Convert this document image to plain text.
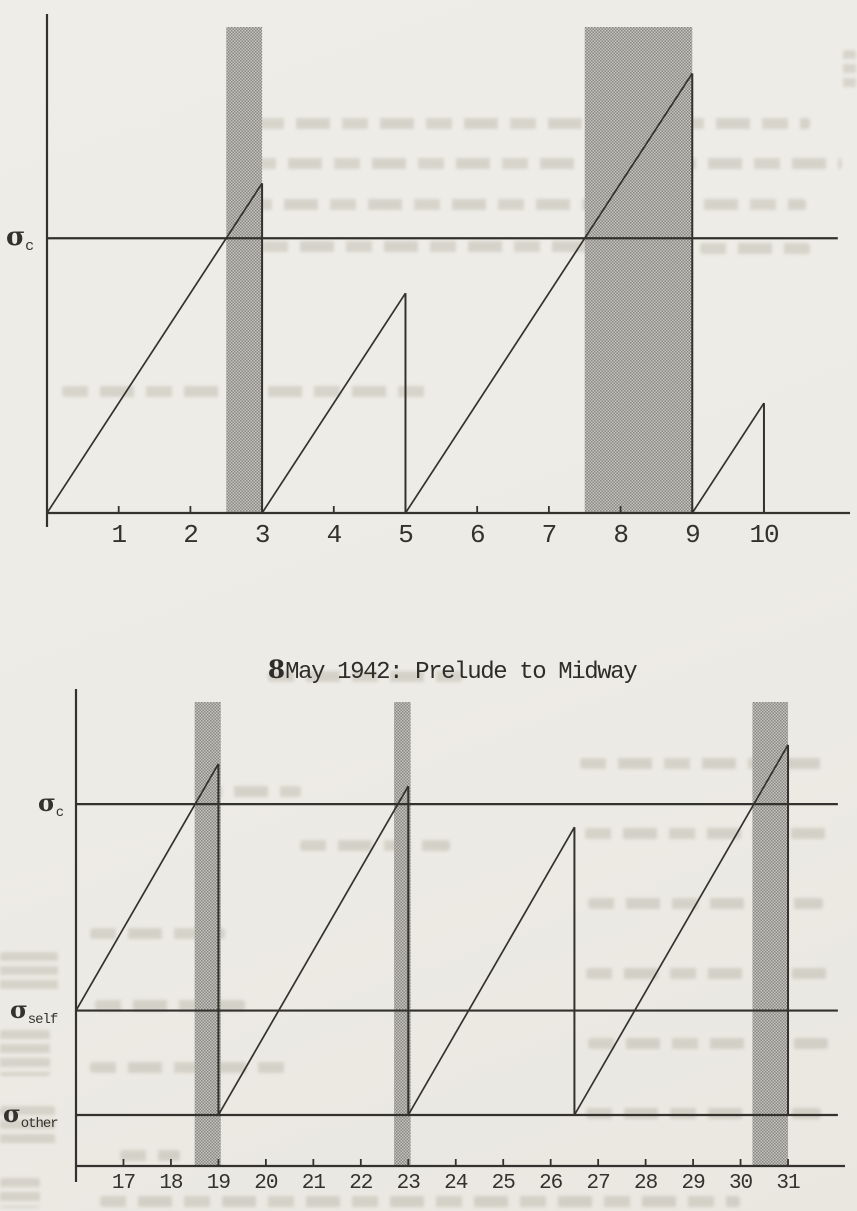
1 2 3 4 5 6 7 8 9 10
17 18 19 20 21 22 23 24 25 26 27 28 29 30 31
σ c
8May 1942: Prelude to Midway
σ c
σ self
σ other
